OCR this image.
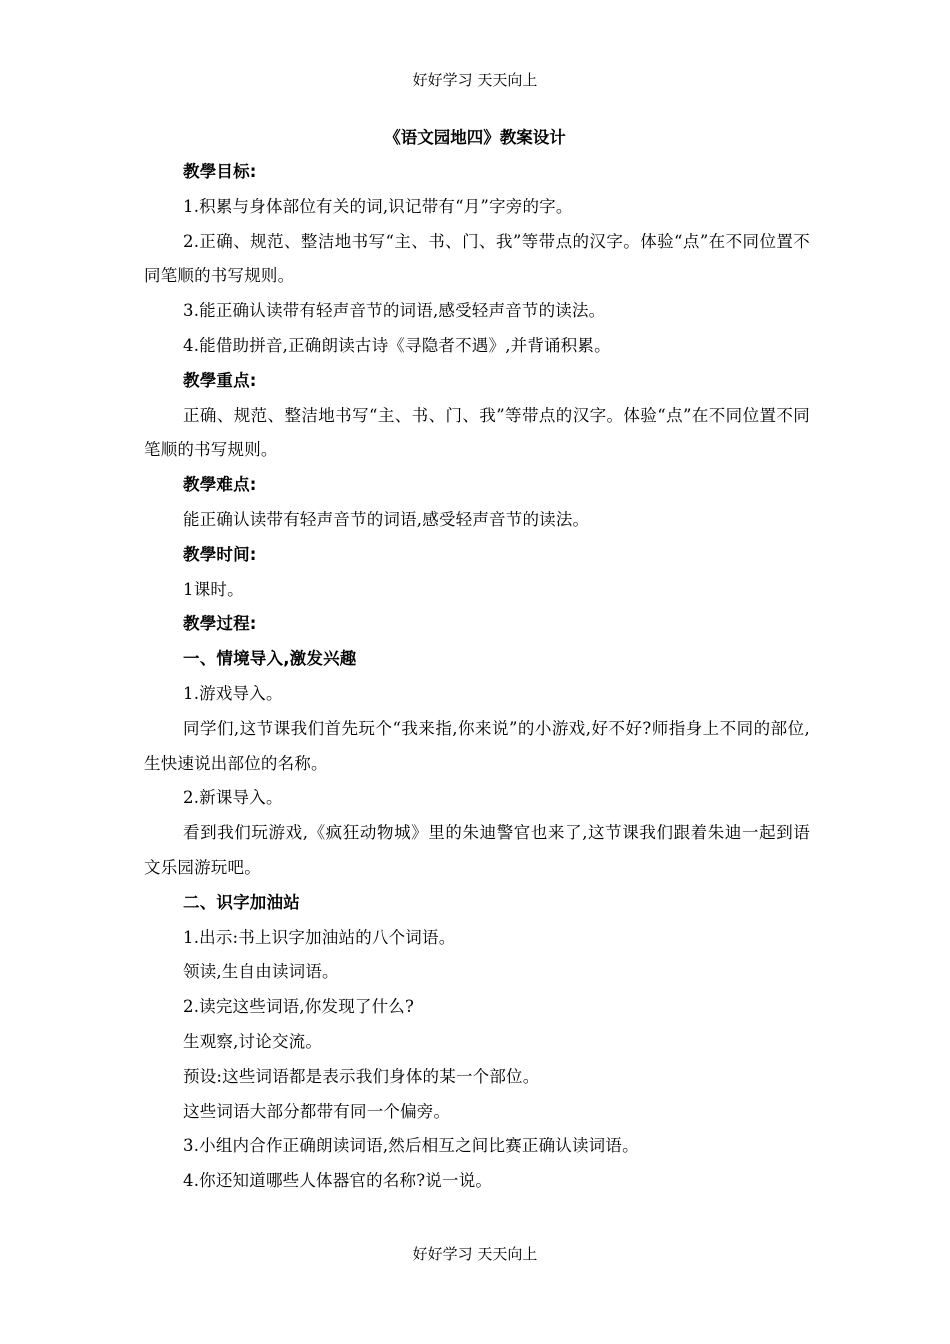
好好学习 天天向上
《语文园地四》教案设计
教學目标:
1.积累与身体部位有关的词,识记带有“月”字旁的字。
2.正确、规范、整洁地书写“主、书、门、我”等带点的汉字。体验“点”在不同位置不同笔顺的书写规则。
3.能正确认读带有轻声音节的词语,感受轻声音节的读法。
4.能借助拼音,正确朗读古诗《寻隐者不遇》,并背诵积累。
教學重点:
正确、规范、整洁地书写“主、书、门、我”等带点的汉字。体验“点”在不同位置不同笔顺的书写规则。
教學难点:
能正确认读带有轻声音节的词语,感受轻声音节的读法。
教學时间:
1课时。
教學过程:
一、情境导入,激发兴趣
1.游戏导入。
同学们,这节课我们首先玩个“我来指,你来说”的小游戏,好不好?师指身上不同的部位,生快速说出部位的名称。
2.新课导入。
看到我们玩游戏,《疯狂动物城》里的朱迪警官也来了,这节课我们跟着朱迪一起到语文乐园游玩吧。
二、识字加油站
1.出示:书上识字加油站的八个词语。
领读,生自由读词语。
2.读完这些词语,你发现了什么?
生观察,讨论交流。
预设:这些词语都是表示我们身体的某一个部位。
这些词语大部分都带有同一个偏旁。
3.小组内合作正确朗读词语,然后相互之间比赛正确认读词语。
4.你还知道哪些人体器官的名称?说一说。
好好学习 天天向上
